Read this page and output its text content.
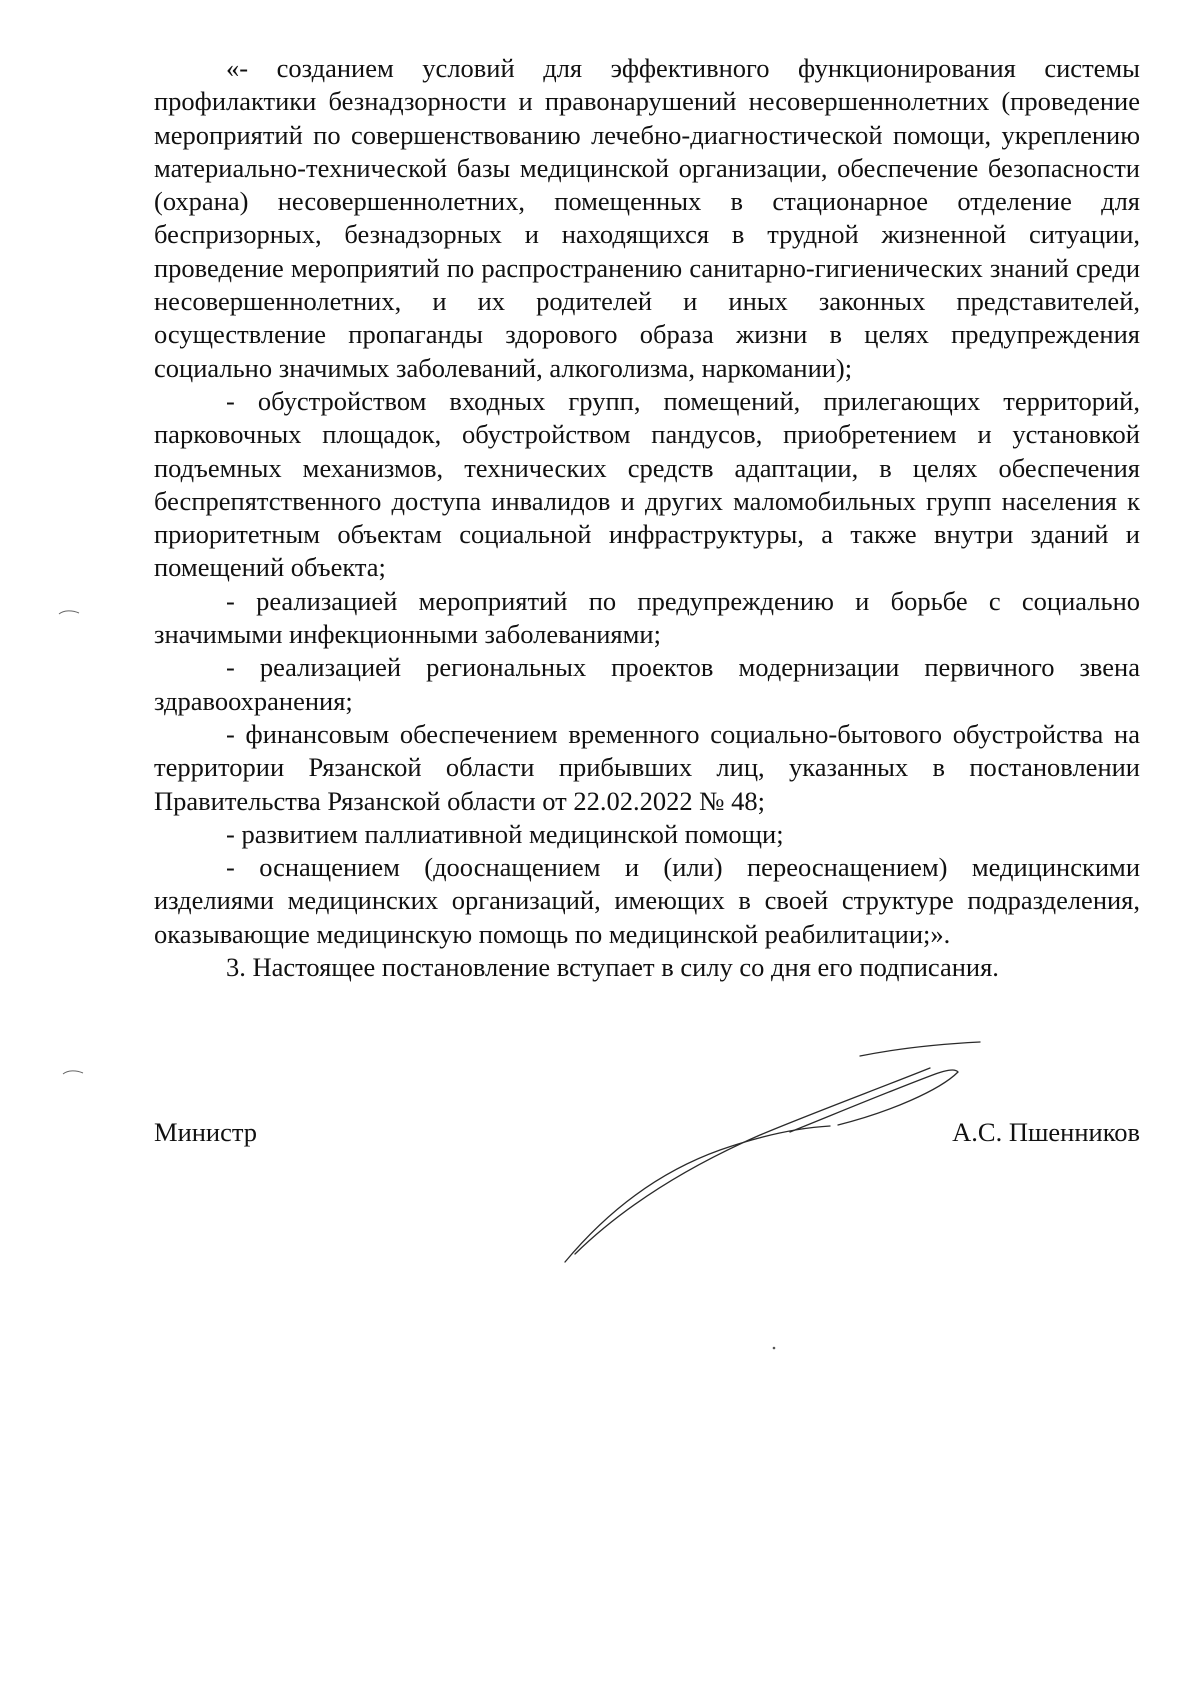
«- созданием условий для эффективного функционирования системы профилактики безнадзорности и правонарушений несовершеннолетних (проведение мероприятий по совершенствованию лечебно-диагностической помощи, укреплению материально-технической базы медицинской организации, обеспечение безопасности (охрана) несовершеннолетних, помещенных в стационарное отделение для беспризорных, безнадзорных и находящихся в трудной жизненной ситуации, проведение мероприятий по распространению санитарно-гигиенических знаний среди несовершеннолетних, и их родителей и иных законных представителей, осуществление пропаганды здорового образа жизни в целях предупреждения социально значимых заболеваний, алкоголизма, наркомании);

- обустройством входных групп, помещений, прилегающих территорий, парковочных площадок, обустройством пандусов, приобретением и установкой подъемных механизмов, технических средств адаптации, в целях обеспечения беспрепятственного доступа инвалидов и других маломобильных групп населения к приоритетным объектам социальной инфраструктуры, а также внутри зданий и помещений объекта;

- реализацией мероприятий по предупреждению и борьбе с социально значимыми инфекционными заболеваниями;

- реализацией региональных проектов модернизации первичного звена здравоохранения;

- финансовым обеспечением временного социально-бытового обустройства на территории Рязанской области прибывших лиц, указанных в постановлении Правительства Рязанской области от 22.02.2022 № 48;

- развитием паллиативной медицинской помощи;

- оснащением (дооснащением и (или) переоснащением) медицинскими изделиями медицинских организаций, имеющих в своей структуре подразделения, оказывающие медицинскую помощь по медицинской реабилитации;».

3. Настоящее постановление вступает в силу со дня его подписания.

Министр	А.С. Пшенников
